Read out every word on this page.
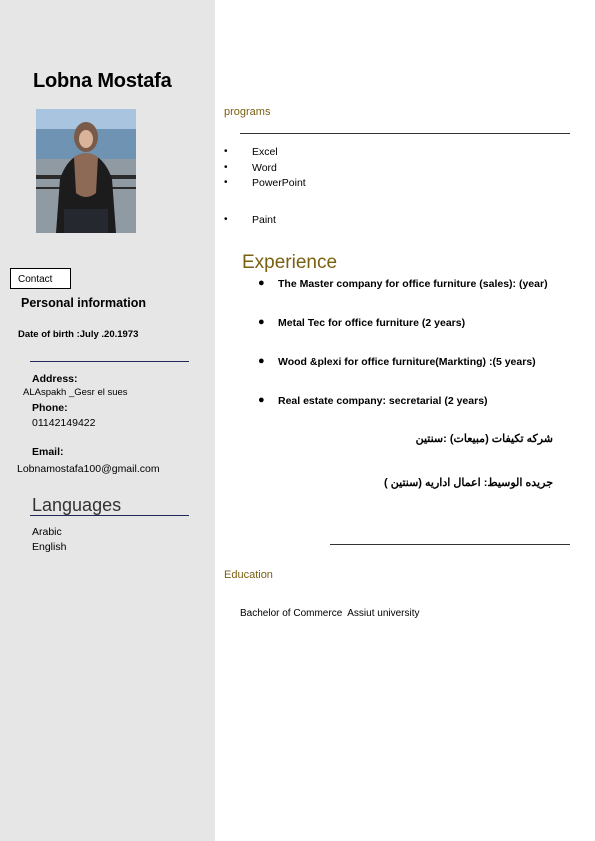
Lobna Mostafa
Contact
Personal information
Date of birth :July .20.1973
Address:
ALAspakh _Gesr el sues
Phone:
01142149422
Email:
Lobnamostafa100@gmail.com
Languages
Arabic
English
programs
• Excel
• Word
• PowerPoint
• Paint
Experience
● The Master company for office furniture (sales): (year)
● Metal Tec for office furniture (2 years)
● Wood &plexi for office furniture(Markting) :(5 years)
● Real estate company: secretarial (2 years)
شركه تكيفات (مبيعات) :سنتين
جريده الوسيط: اعمال اداريه (سنتين )
Education
Bachelor of Commerce  Assiut university
